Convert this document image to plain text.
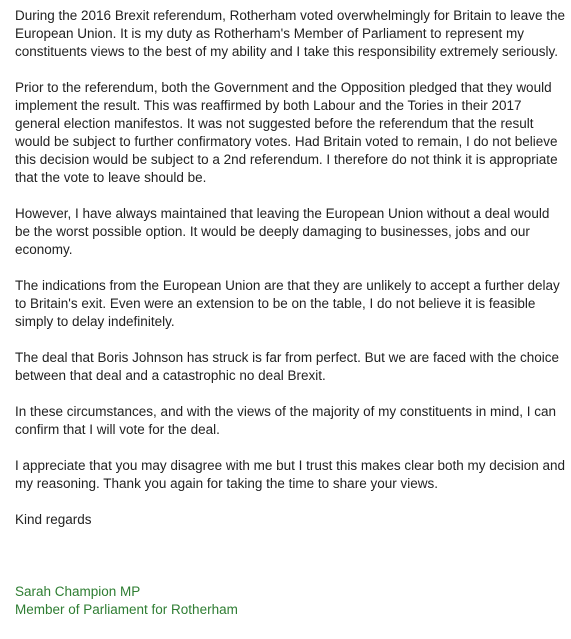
During the 2016 Brexit referendum, Rotherham voted overwhelmingly for Britain to leave the European Union. It is my duty as Rotherham's Member of Parliament to represent my constituents views to the best of my ability and I take this responsibility extremely seriously.

Prior to the referendum, both the Government and the Opposition pledged that they would implement the result. This was reaffirmed by both Labour and the Tories in their 2017 general election manifestos. It was not suggested before the referendum that the result would be subject to further confirmatory votes. Had Britain voted to remain, I do not believe this decision would be subject to a 2nd referendum. I therefore do not think it is appropriate that the vote to leave should be.

However, I have always maintained that leaving the European Union without a deal would be the worst possible option. It would be deeply damaging to businesses, jobs and our economy.

The indications from the European Union are that they are unlikely to accept a further delay to Britain's exit. Even were an extension to be on the table, I do not believe it is feasible simply to delay indefinitely.

The deal that Boris Johnson has struck is far from perfect. But we are faced with the choice between that deal and a catastrophic no deal Brexit.

In these circumstances, and with the views of the majority of my constituents in mind, I can confirm that I will vote for the deal.

I appreciate that you may disagree with me but I trust this makes clear both my decision and my reasoning. Thank you again for taking the time to share your views.

Kind regards

Sarah Champion MP

Member of Parliament for Rotherham
